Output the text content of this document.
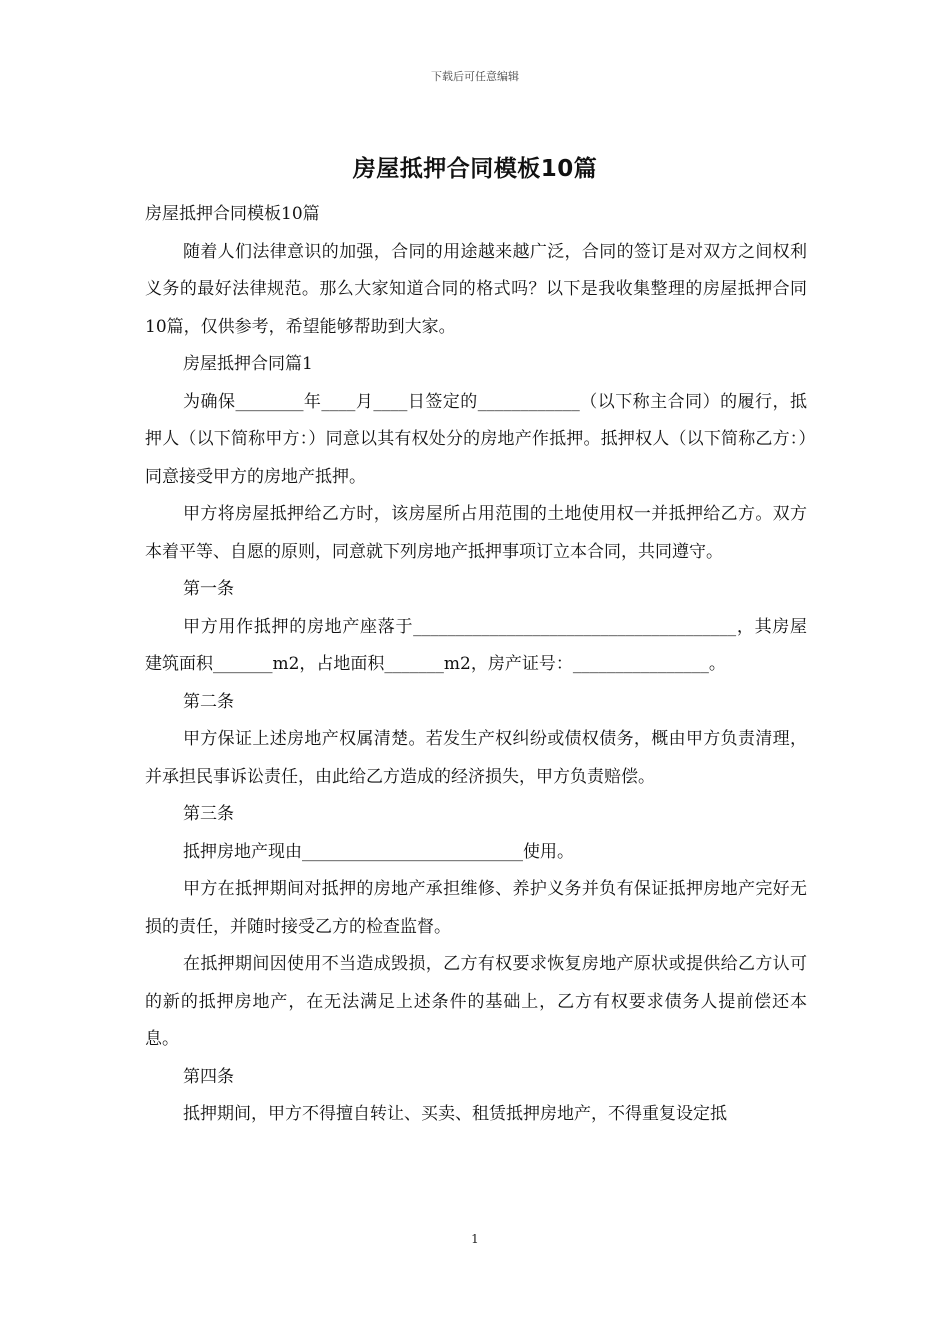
下载后可任意编辑
房屋抵押合同模板10篇

房屋抵押合同模板10篇

随着人们法律意识的加强，合同的用途越来越广泛，合同的签订是对双方之间权利义务的最好法律规范。那么大家知道合同的格式吗？以下是我收集整理的房屋抵押合同10篇，仅供参考，希望能够帮助到大家。

房屋抵押合同篇1

为确保________年____月____日签定的____________（以下称主合同）的履行，抵押人（以下简称甲方：）同意以其有权处分的房地产作抵押。抵押权人（以下简称乙方：）同意接受甲方的房地产抵押。

甲方将房屋抵押给乙方时，该房屋所占用范围的土地使用权一并抵押给乙方。双方本着平等、自愿的原则，同意就下列房地产抵押事项订立本合同，共同遵守。

第一条

甲方用作抵押的房地产座落于______________________________________，其房屋建筑面积_______m2，占地面积_______m2，房产证号：________________。

第二条

甲方保证上述房地产权属清楚。若发生产权纠纷或债权债务，概由甲方负责清理，并承担民事诉讼责任，由此给乙方造成的经济损失，甲方负责赔偿。

第三条

抵押房地产现由__________________________使用。

甲方在抵押期间对抵押的房地产承担维修、养护义务并负有保证抵押房地产完好无损的责任，并随时接受乙方的检查监督。

在抵押期间因使用不当造成毁损，乙方有权要求恢复房地产原状或提供给乙方认可的新的抵押房地产，在无法满足上述条件的基础上，乙方有权要求债务人提前偿还本息。

第四条

抵押期间，甲方不得擅自转让、买卖、租赁抵押房地产，不得重复设定抵

1
